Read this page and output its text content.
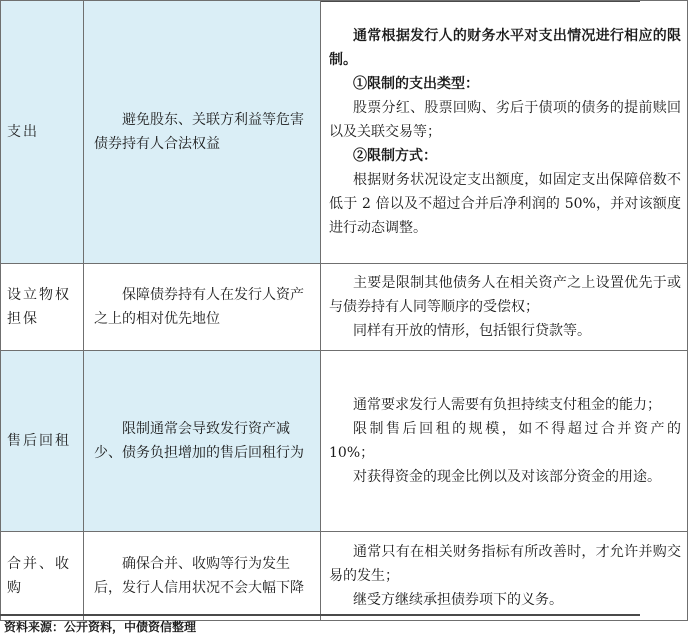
支出	避免股东、关联方利益等危害债券持有人合法权益	通常根据发行人的财务水平对支出情况进行相应的限制。

①限制的支出类型：

股票分红、股票回购、劣后于债项的债务的提前赎回以及关联交易等；

②限制方式：

根据财务状况设定支出额度，如固定支出保障倍数不低于 2 倍以及不超过合并后净利润的 50%，并对该额度进行动态调整。

设立物权担保	保障债券持有人在发行人资产之上的相对优先地位	主要是限制其他债务人在相关资产之上设置优先于或与债券持有人同等顺序的受偿权；

同样有开放的情形，包括银行贷款等。

售后回租	限制通常会导致发行资产减少、债务负担增加的售后回租行为	通常要求发行人需要有负担持续支付租金的能力；

限制售后回租的规模，如不得超过合并资产的 10%；

对获得资金的现金比例以及对该部分资金的用途。

合并、收购	确保合并、收购等行为发生后，发行人信用状况不会大幅下降	通常只有在相关财务指标有所改善时，才允许并购交易的发生；

继受方继续承担债券项下的义务。

资料来源：公开资料，中债资信整理
